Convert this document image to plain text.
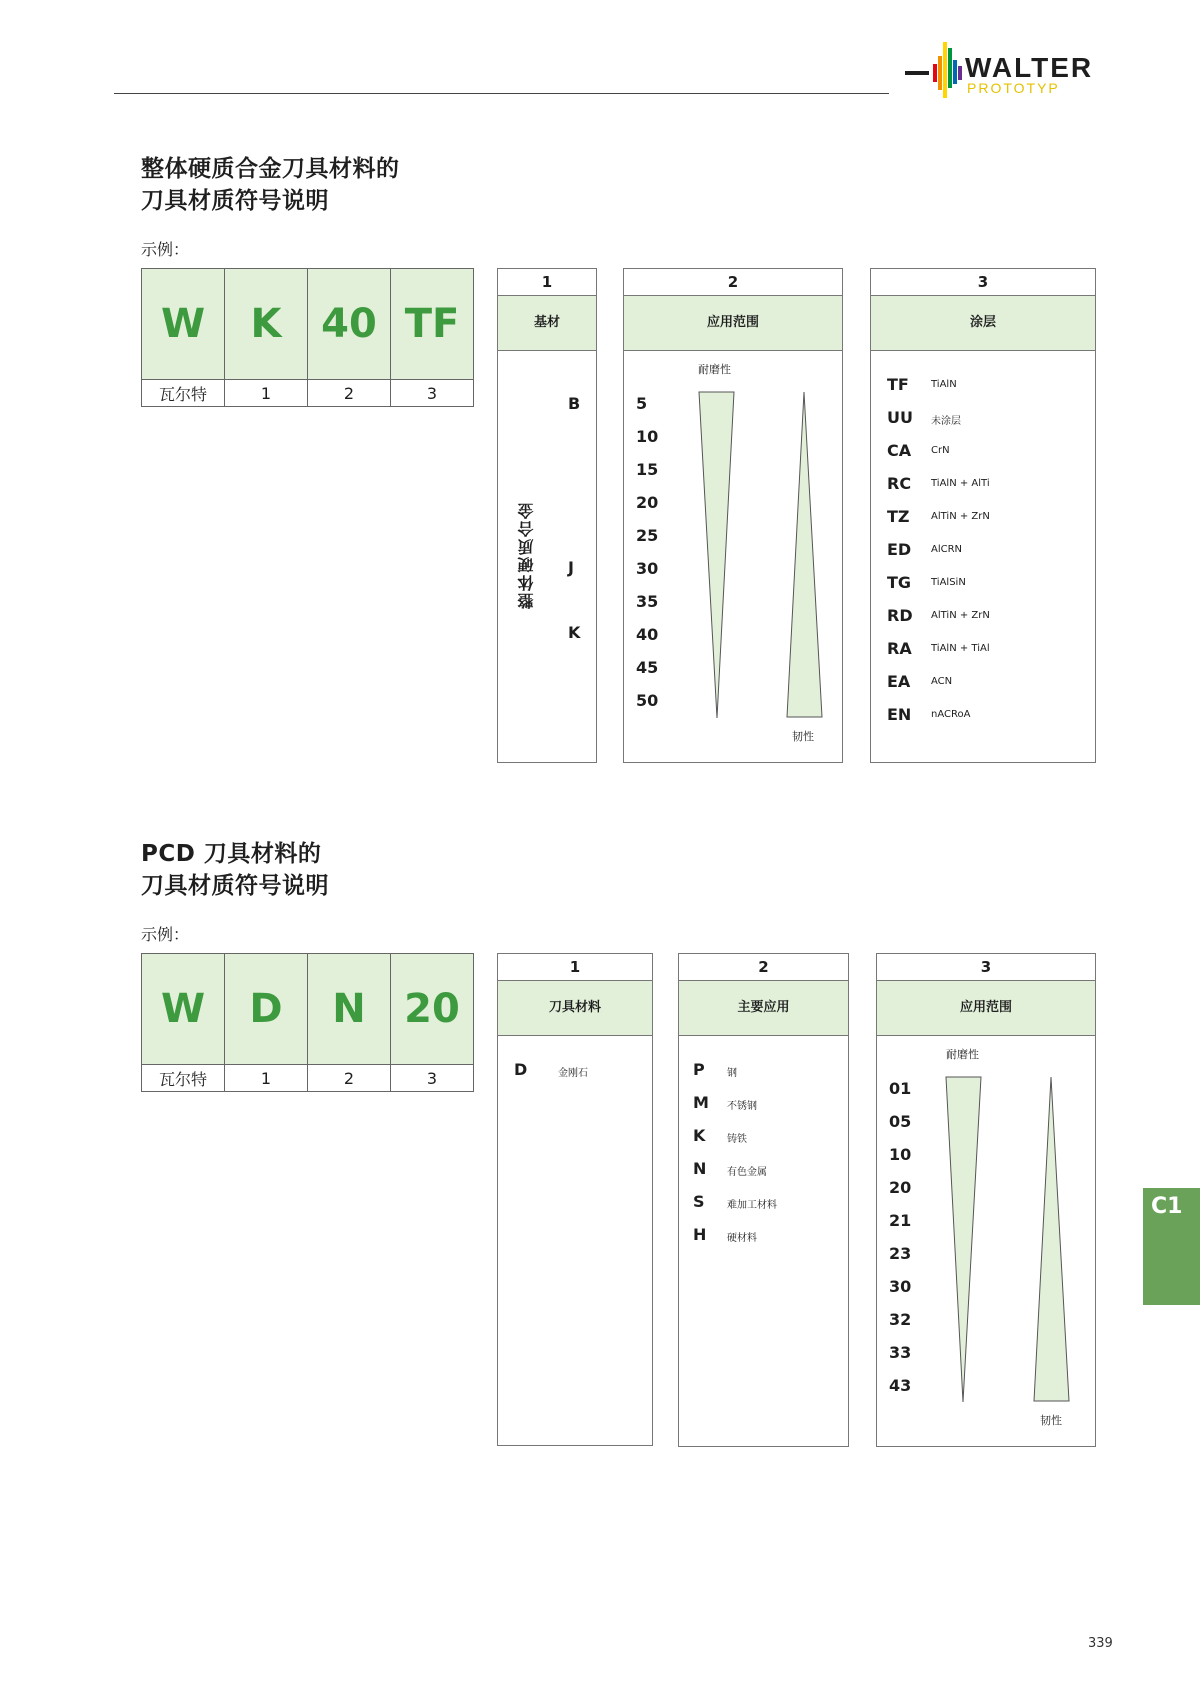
WALTER
PROTOTYP
整体硬质合金刀具材料的
刀具材质符号说明
示例：
W	K	40	TF
瓦尔特	1	2	3
1
基材
整体硬质合金
B
J
K
2
应用范围
耐磨性
5
10
15
20
25
30
35
40
45
50
韧性
3
涂层
TF TiAlN
UU 未涂层
CA CrN
RC TiAlN + AlTi
TZ AlTiN + ZrN
ED AlCRN
TG TiAlSiN
RD AlTiN + ZrN
RA TiAlN + TiAl
EA ACN
EN nACRoA
PCD 刀具材料的
刀具材质符号说明
示例：
W	D	N	20
瓦尔特	1	2	3
1
刀具材料
D	金刚石
2
主要应用
P 钢
M 不锈钢
K 铸铁
N 有色金属
S 难加工材料
H 硬材料
3
应用范围
耐磨性
01
05
10
20
21
23
30
32
33
43
韧性
C1
339
